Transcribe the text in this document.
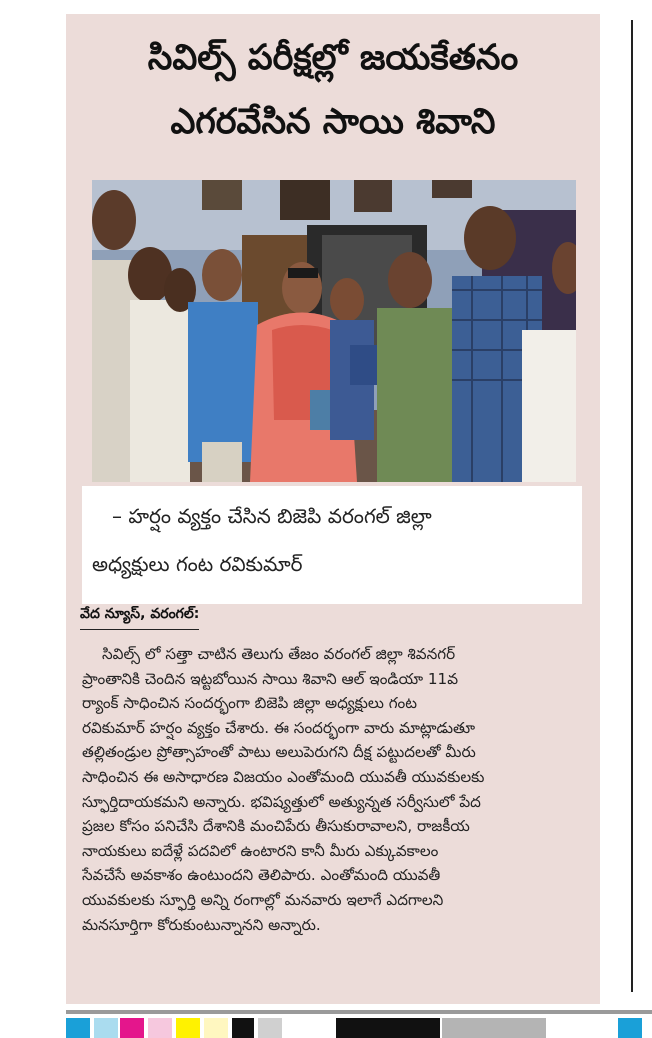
సివిల్స్ పరీక్షల్లో జయకేతనం
ఎగరవేసిన సాయి శివాని
– హర్షం వ్యక్తం చేసిన బిజెపి వరంగల్ జిల్లా
అధ్యక్షులు గంట రవికుమార్
వేద న్యూస్, వరంగల్:
సివిల్స్ లో సత్తా చాటిన తెలుగు తేజం వరంగల్ జిల్లా శివనగర్
ప్రాంతానికి చెందిన ఇట్టబోయిన సాయి శివాని ఆల్ ఇండియా 11వ
ర్యాంక్ సాధించిన సందర్భంగా బిజెపి జిల్లా అధ్యక్షులు గంట
రవికుమార్ హర్షం వ్యక్తం చేశారు. ఈ సందర్భంగా వారు మాట్లాడుతూ
తల్లితండ్రుల ప్రోత్సాహంతో పాటు అలుపెరుగని దీక్ష పట్టుదలతో మీరు
సాధించిన ఈ అసాధారణ విజయం ఎంతోమంది యువతీ యువకులకు
స్ఫూర్తిదాయకమని అన్నారు. భవిష్యత్తులో అత్యున్నత సర్వీసులో పేద
ప్రజల కోసం పనిచేసి దేశానికి మంచిపేరు తీసుకురావాలని, రాజకీయ
నాయకులు ఐదేళ్లే పదవిలో ఉంటారని కానీ మీరు ఎక్కువకాలం
సేవచేసే అవకాశం ఉంటుందని తెలిపారు. ఎంతోమంది యువతీ
యువకులకు స్ఫూర్తి అన్ని రంగాల్లో మనవారు ఇలాగే ఎదగాలని
మనసూర్తిగా కోరుకుంటున్నానని అన్నారు.
